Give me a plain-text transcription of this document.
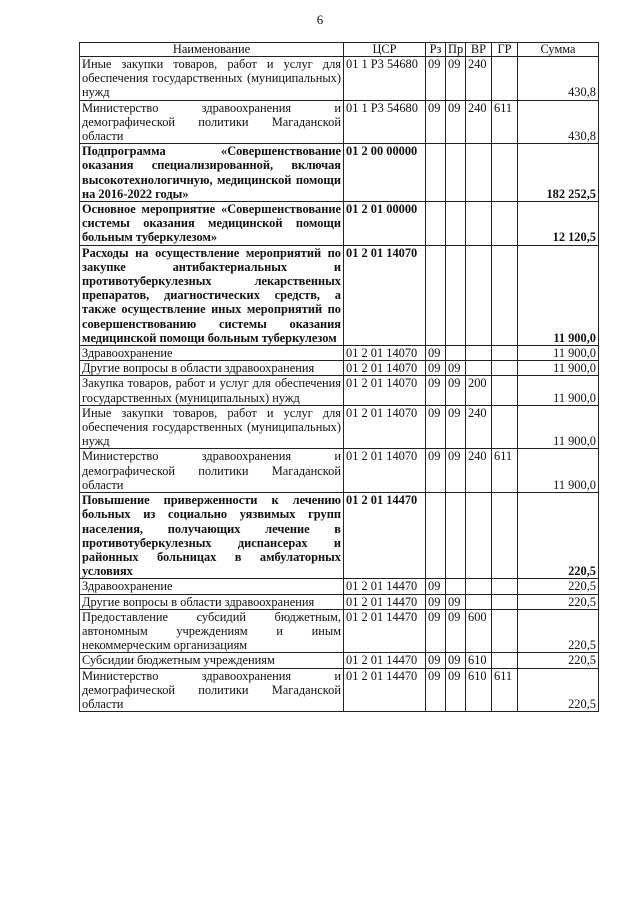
6
Наименование	ЦСР	Рз	Пр	ВР	ГР	Сумма
Иные закупки товаров, работ и услуг для обеспечения государственных (муниципальных) нужд	01 1 Р3 54680	09	09	240		430,8
Министерство здравоохранения и демографической политики Магаданской области	01 1 Р3 54680	09	09	240	611	430,8
Подпрограмма «Совершенствование оказания специализированной, включая высокотехнологичную, медицинской помощи на 2016-2022 годы»	01 2 00 00000					182 252,5
Основное мероприятие «Совершенствование системы оказания медицинской помощи больным туберкулезом»	01 2 01 00000					12 120,5
Расходы на осуществление мероприятий по закупке антибактериальных и противотуберкулезных лекарственных препаратов, диагностических средств, а также осуществление иных мероприятий по совершенствованию системы оказания медицинской помощи больным туберкулезом	01 2 01 14070					11 900,0
Здравоохранение	01 2 01 14070	09				11 900,0
Другие вопросы в области здравоохранения	01 2 01 14070	09	09			11 900,0
Закупка товаров, работ и услуг для обеспечения государственных (муниципальных) нужд	01 2 01 14070	09	09	200		11 900,0
Иные закупки товаров, работ и услуг для обеспечения государственных (муниципальных) нужд	01 2 01 14070	09	09	240		11 900,0
Министерство здравоохранения и демографической политики Магаданской области	01 2 01 14070	09	09	240	611	11 900,0
Повышение приверженности к лечению больных из социально уязвимых групп населения, получающих лечение в противотуберкулезных диспансерах и районных больницах в амбулаторных условиях	01 2 01 14470					220,5
Здравоохранение	01 2 01 14470	09				220,5
Другие вопросы в области здравоохранения	01 2 01 14470	09	09			220,5
Предоставление субсидий бюджетным, автономным учреждениям и иным некоммерческим организациям	01 2 01 14470	09	09	600		220,5
Субсидии бюджетным учреждениям	01 2 01 14470	09	09	610		220,5
Министерство здравоохранения и демографической политики Магаданской области	01 2 01 14470	09	09	610	611	220,5
